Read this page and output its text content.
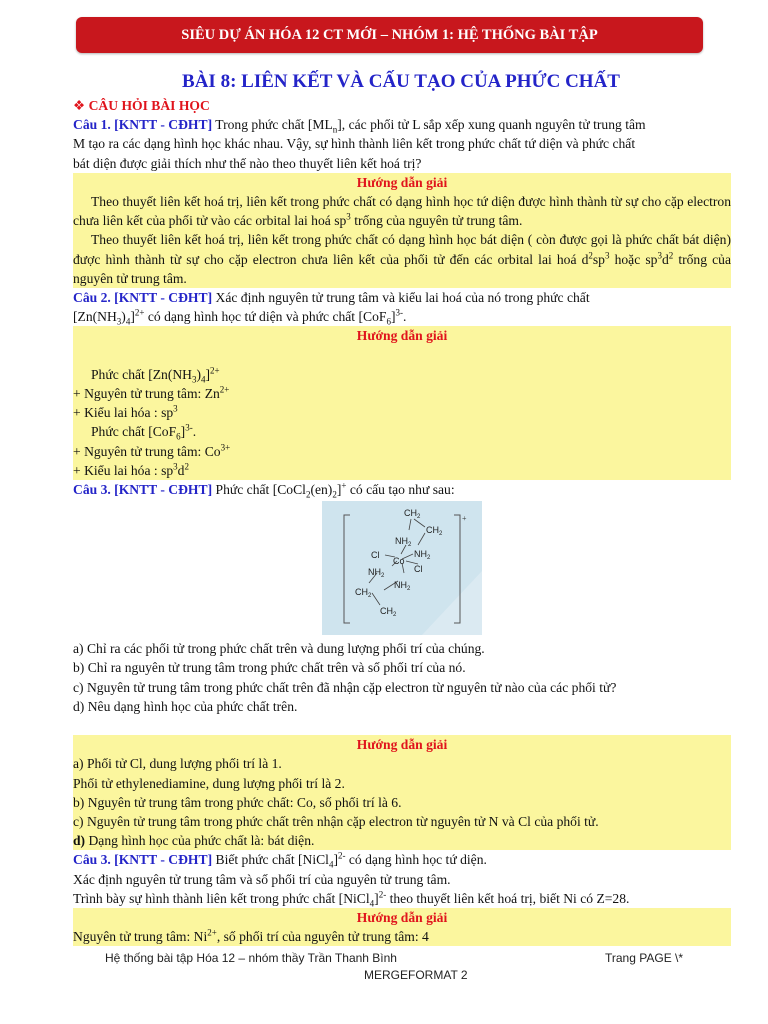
SIÊU DỰ ÁN HÓA 12 CT MỚI – NHÓM 1: HỆ THỐNG BÀI TẬP
BÀI 8: LIÊN KẾT VÀ CẤU TẠO CỦA PHỨC CHẤT
❖ CÂU HỎI BÀI HỌC
Câu 1. [KNTT - CĐHT] Trong phức chất $[ML_n]$, các phối tử L sắp xếp xung quanh nguyên tử trung tâm
M tạo ra các dạng hình học khác nhau. Vậy, sự hình thành liên kết trong phức chất tứ diện và phức chất
bát diện được giải thích như thế nào theo thuyết liên kết hoá trị?
Hướng dẫn giải
Theo thuyết liên kết hoá trị, liên kết trong phức chất có dạng hình học tứ diện được hình thành từ sự cho cặp electron chưa liên kết của phối tử vào các orbital lai hoá $sp^3$ trống của nguyên tử trung tâm.
Theo thuyết liên kết hoá trị, liên kết trong phức chất có dạng hình học bát diện ( còn được gọi là phức chất bát diện) được hình thành từ sự cho cặp electron chưa liên kết của phối tử đến các orbital lai hoá $d^2sp^3$ hoặc $sp^3d^2$ trống của nguyên tử trung tâm.
Câu 2. [KNTT - CĐHT] Xác định nguyên tử trung tâm và kiểu lai hoá của nó trong phức chất
$[Zn(NH_3)_4]^{2+}$ có dạng hình học tứ diện và phức chất $[CoF_6]^{3-}$.
Hướng dẫn giải
Phức chất $[Zn(NH_3)_4]^{2+}$
+ Nguyên tử trung tâm: $Zn^{2+}$
+ Kiểu lai hóa : $sp^3$
Phức chất $[CoF_6]^{3-}$.
+ Nguyên tử trung tâm: $Co^{3+}$
+ Kiểu lai hóa : $sp^3d^2$
Câu 3. [KNTT - CĐHT] Phức chất $[CoCl_2(en)_2]^+$ có cấu tạo như sau:
+
$CH_2$
$CH_2$
$NH_2$
Cl	$NH_2$
Co
$NH_2$
Cl
$NH_2$
$CH_2$
$CH_2$
a) Chỉ ra các phối tử trong phức chất trên và dung lượng phối trí của chúng.
b) Chỉ ra nguyên tử trung tâm trong phức chất trên và số phối trí của nó.
c) Nguyên tử trung tâm trong phức chất trên đã nhận cặp electron từ nguyên tử nào của các phối tử?
d) Nêu dạng hình học của phức chất trên.
Hướng dẫn giải
a) Phối tử Cl, dung lượng phối trí là 1.
Phối tử ethylenediamine, dung lượng phối trí là 2.
b) Nguyên tử trung tâm trong phức chất: Co, số phối trí là 6.
c) Nguyên tử trung tâm trong phức chất trên nhận cặp electron từ nguyên tử N và Cl của phối tử.
d) Dạng hình học của phức chất là: bát diện.
Câu 3. [KNTT - CĐHT] Biết phức chất [NiCl$_4$]$^{2-}$ có dạng hình học tứ diện.
Xác định nguyên tử trung tâm và số phối trí của nguyên tử trung tâm.
Trình bày sự hình thành liên kết trong phức chất [NiCl$_4$]$^{2-}$ theo thuyết liên kết hoá trị, biết Ni có Z=28.
Hướng dẫn giải
Nguyên tử trung tâm: $Ni^{2+}$, số phối trí của nguyên tử trung tâm: 4
Hệ thống bài tập Hóa 12 – nhóm thầy Trần Thanh Bình	Trang PAGE \*
MERGEFORMAT 2
